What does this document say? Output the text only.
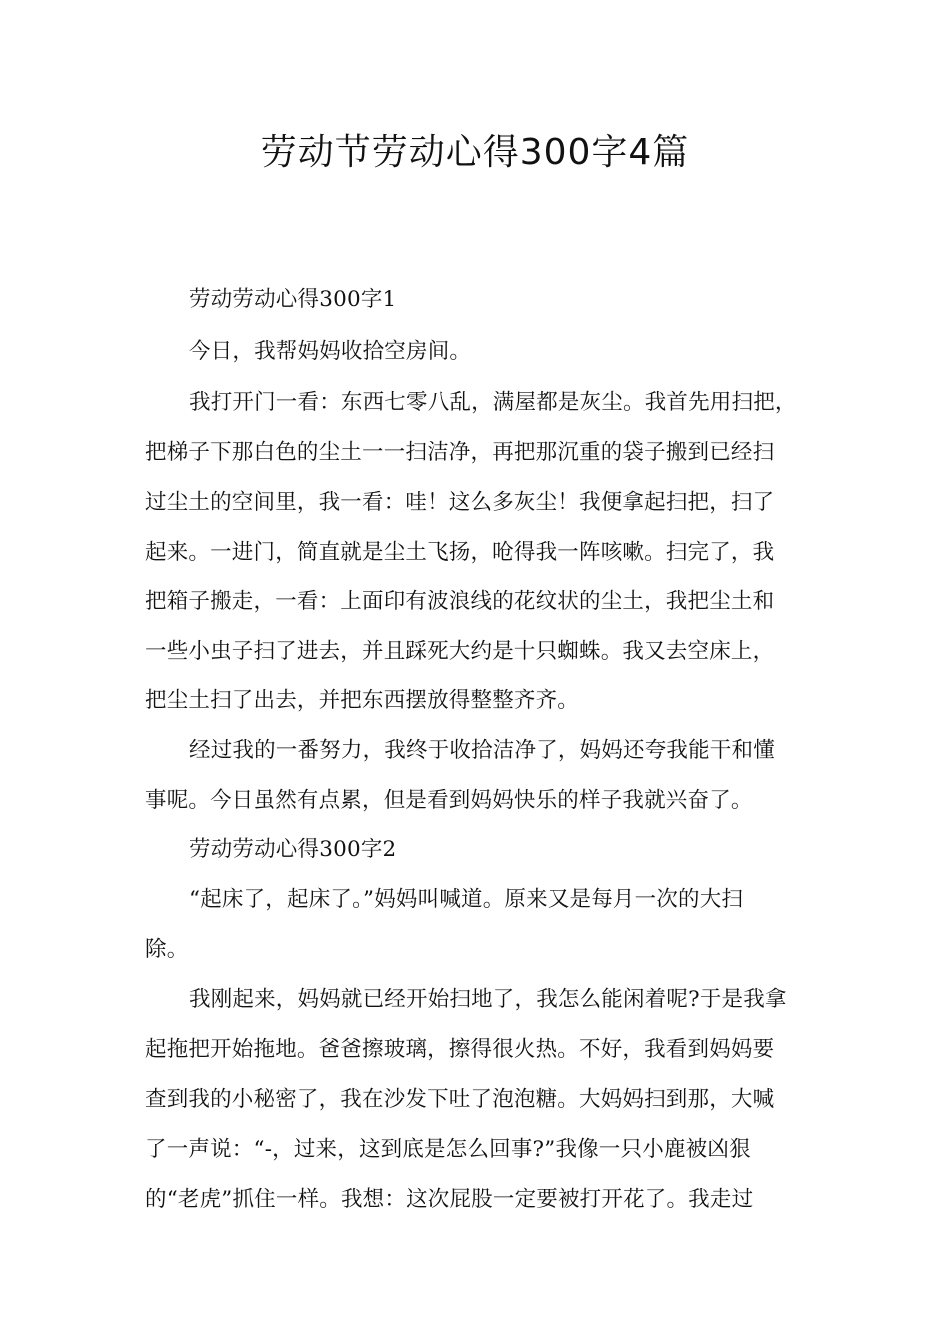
劳动节劳动心得300字4篇
劳动劳动心得300字1
今日，我帮妈妈收拾空房间。
我打开门一看：东西七零八乱，满屋都是灰尘。我首先用扫把，
把梯子下那白色的尘土一一扫洁净，再把那沉重的袋子搬到已经扫
过尘土的空间里，我一看：哇！这么多灰尘！我便拿起扫把，扫了
起来。一进门，简直就是尘土飞扬，呛得我一阵咳嗽。扫完了，我
把箱子搬走，一看：上面印有波浪线的花纹状的尘土，我把尘土和
一些小虫子扫了进去，并且踩死大约是十只蜘蛛。我又去空床上，
把尘土扫了出去，并把东西摆放得整整齐齐。
经过我的一番努力，我终于收拾洁净了，妈妈还夸我能干和懂
事呢。今日虽然有点累，但是看到妈妈快乐的样子我就兴奋了。
劳动劳动心得300字2
“起床了，起床了。”妈妈叫喊道。原来又是每月一次的大扫
除。
我刚起来，妈妈就已经开始扫地了，我怎么能闲着呢?于是我拿
起拖把开始拖地。爸爸擦玻璃，擦得很火热。不好，我看到妈妈要
查到我的小秘密了，我在沙发下吐了泡泡糖。大妈妈扫到那，大喊
了一声说：“-，过来，这到底是怎么回事?”我像一只小鹿被凶狠
的“老虎”抓住一样。我想：这次屁股一定要被打开花了。我走过
